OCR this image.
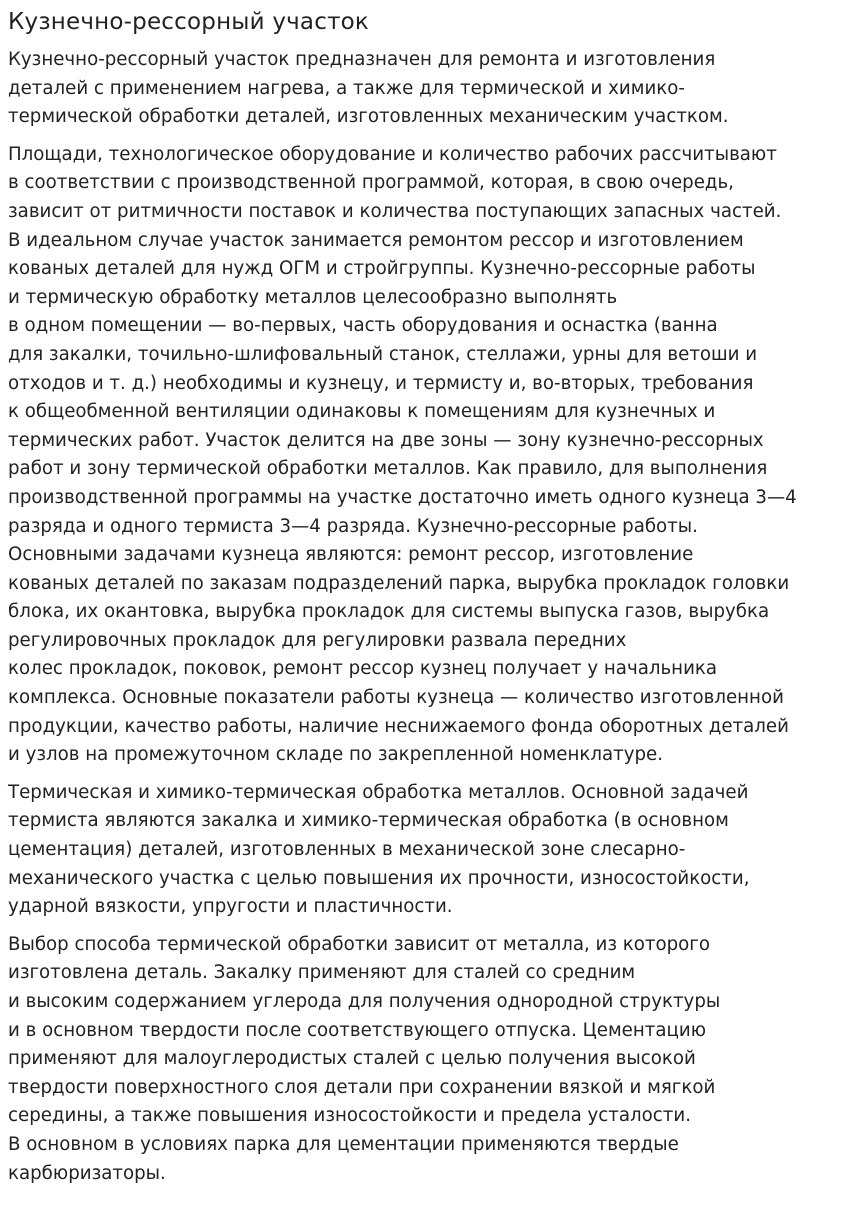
Кузнечно-рессорный участок
Кузнечно-рессорный участок предназначен для ремонта и изготовления
деталей с применением нагрева, а также для термической и химико-
термической обработки деталей, изготовленных механическим участком.
Площади, технологическое оборудование и количество рабочих рассчитывают
в соответствии с производственной программой, которая, в свою очередь,
зависит от ритмичности поставок и количества поступающих запасных частей.
В идеальном случае участок занимается ремонтом рессор и изготовлением
кованых деталей для нужд ОГМ и стройгруппы. Кузнечно-рессорные работы
и термическую обработку металлов целесообразно выполнять
в одном помещении — во-первых, часть оборудования и оснастка (ванна
для закалки, точильно-шлифовальный станок, стеллажи, урны для ветоши и
отходов и т. д.) необходимы и кузнецу, и термисту и, во-вторых, требования
к общеобменной вентиляции одинаковы к помещениям для кузнечных и
термических работ. Участок делится на две зоны — зону кузнечно-рессорных
работ и зону термической обработки металлов. Как правило, для выполнения
производственной программы на участке достаточно иметь одного кузнеца 3—4
разряда и одного термиста 3—4 разряда. Кузнечно-рессорные работы.
Основными задачами кузнеца являются: ремонт рессор, изготовление
кованых деталей по заказам подразделений парка, вырубка прокладок головки
блока, их окантовка, вырубка прокладок для системы выпуска газов, вырубка
регулировочных прокладок для регулировки развала передних
колес прокладок, поковок, ремонт рессор кузнец получает у начальника
комплекса. Основные показатели работы кузнеца — количество изготовленной
продукции, качество работы, наличие неснижаемого фонда оборотных деталей
и узлов на промежуточном складе по закрепленной номенклатуре.
Термическая и химико-термическая обработка металлов. Основной задачей
термиста являются закалка и химико-термическая обработка (в основном
цементация) деталей, изготовленных в механической зоне слесарно-
механического участка с целью повышения их прочности, износостойкости,
ударной вязкости, упругости и пластичности.
Выбор способа термической обработки зависит от металла, из которого
изготовлена деталь. Закалку применяют для сталей со средним
и высоким содержанием углерода для получения однородной структуры
и в основном твердости после соответствующего отпуска. Цементацию
применяют для малоуглеродистых сталей с целью получения высокой
твердости поверхностного слоя детали при сохранении вязкой и мягкой
середины, а также повышения износостойкости и предела усталости.
В основном в условиях парка для цементации применяются твердые
карбюризаторы.
